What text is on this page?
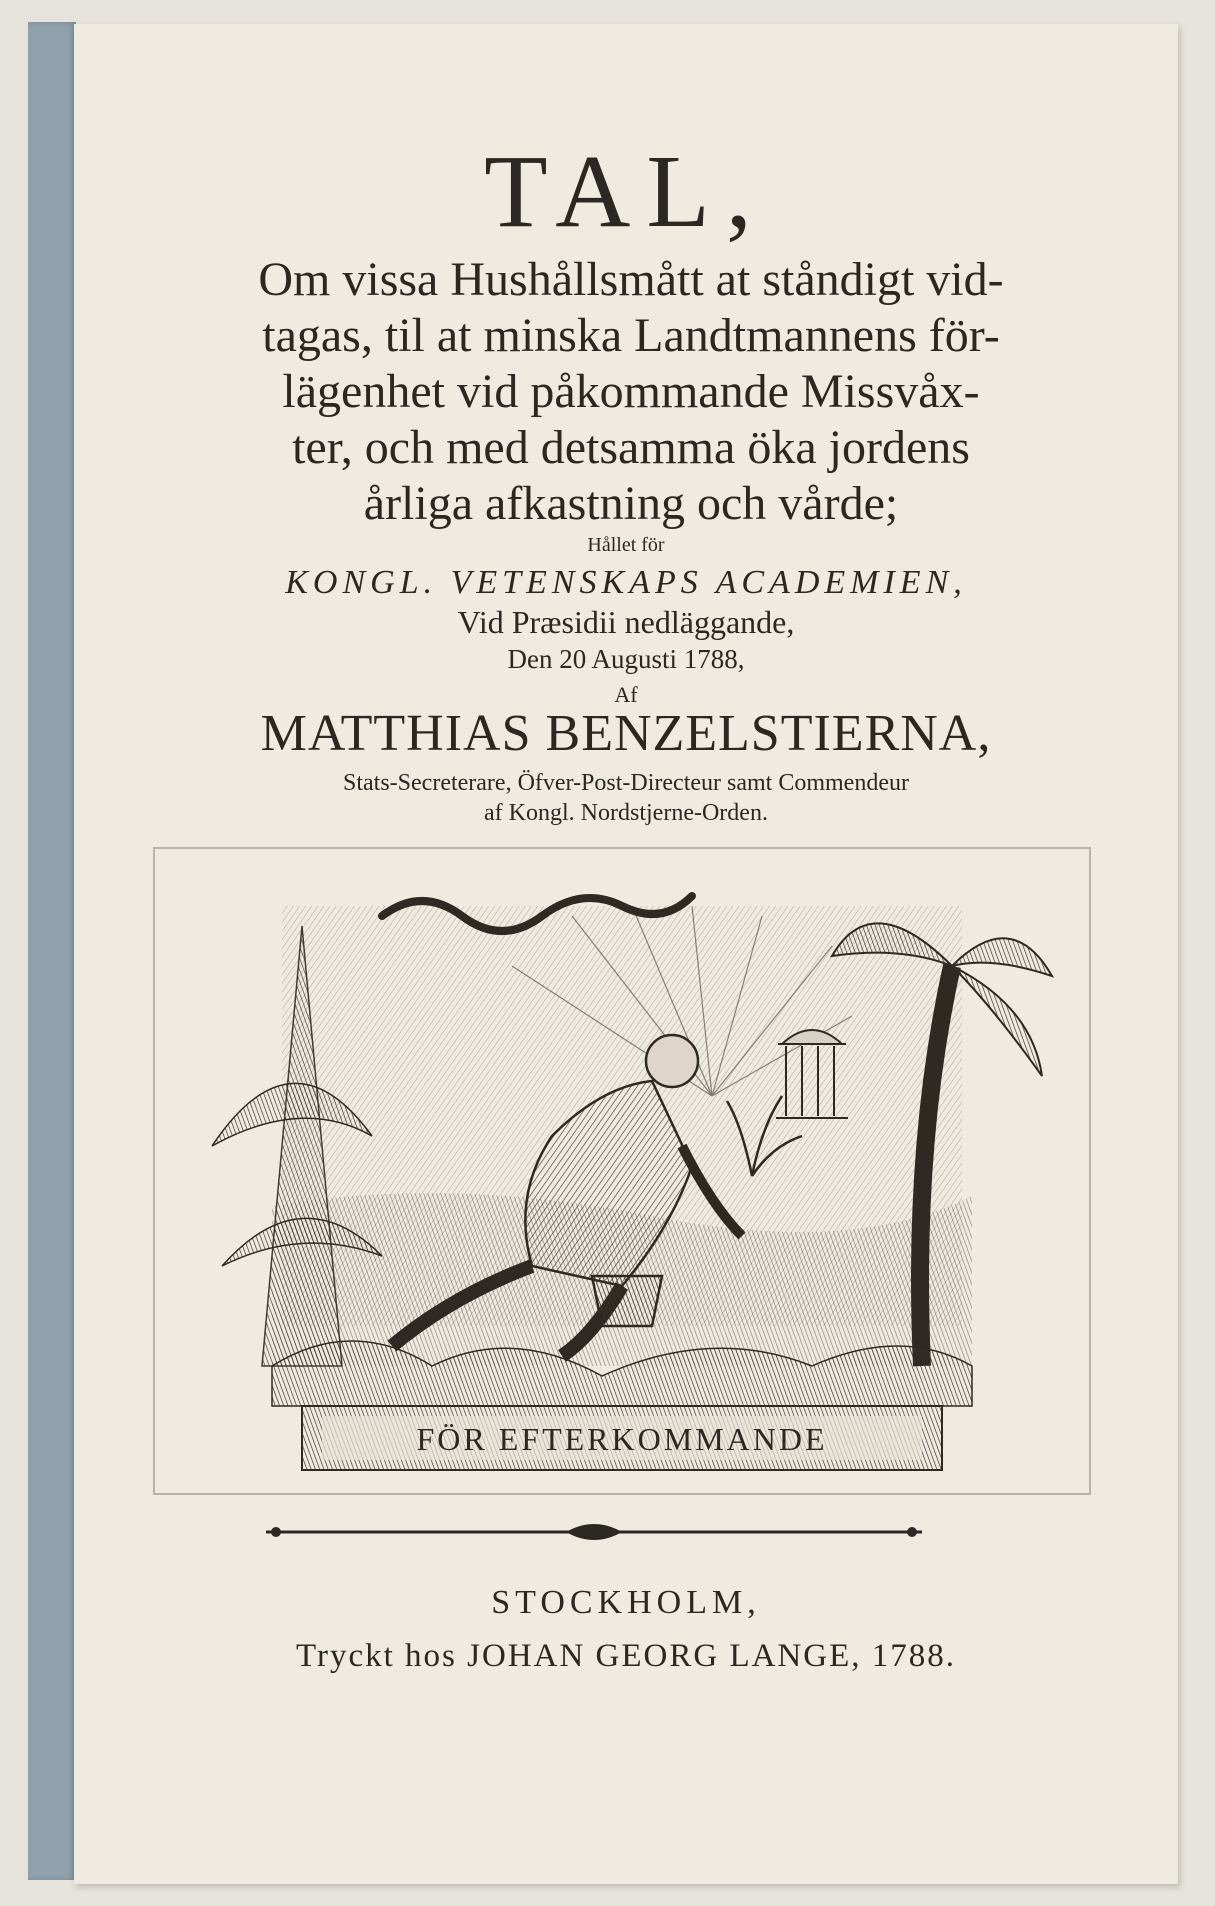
TAL,
Om vissa Hushållsmått at ståndigt vid-
tagas, til at minska Landtmannens för-
lägenhet vid påkommande Missvåx-
ter, och med detsamma öka jordens
årliga afkastning och vårde;
Hållet för
KONGL. VETENSKAPS ACADEMIEN,
Vid Præsidii nedläggande,
Den 20 Augusti 1788,
Af
MATTHIAS BENZELSTIERNA,
Stats-Secreterare, Öfver-Post-Directeur samt Commendeur
af Kongl. Nordstjerne-Orden.
FÖR EFTERKOMMANDE
STOCKHOLM,
Tryckt hos JOHAN GEORG LANGE, 1788.
